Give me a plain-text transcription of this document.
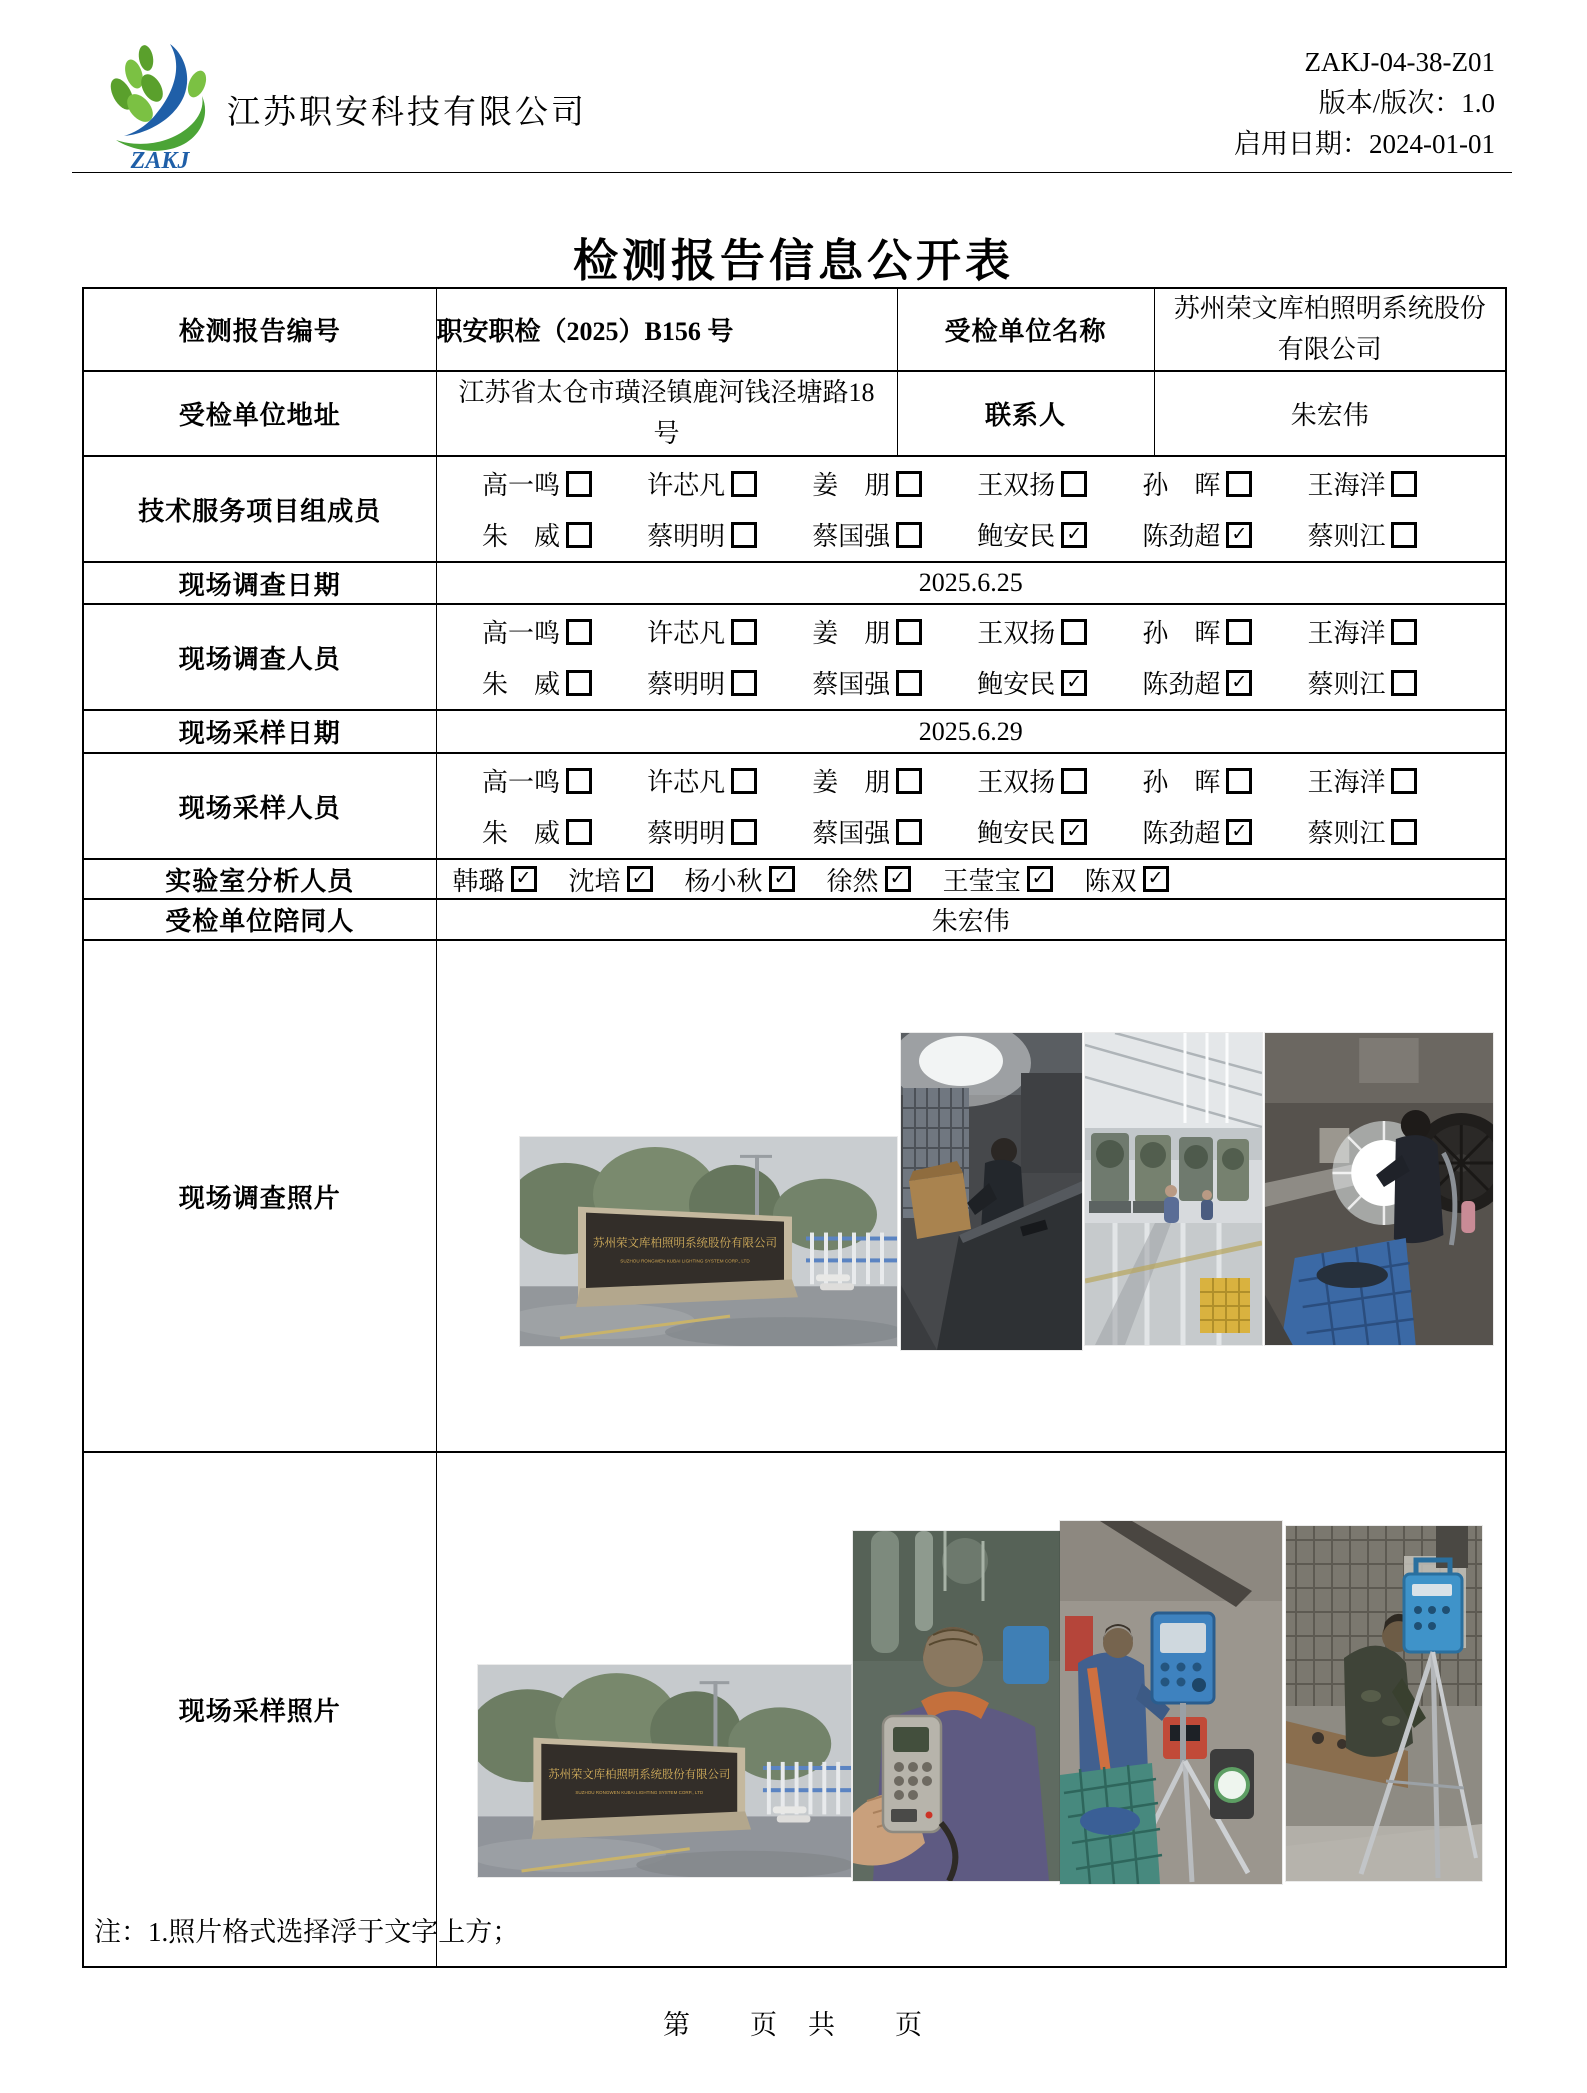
ZAKJ
江苏职安科技有限公司
ZAKJ-04-38-Z01
版本/版次：1.0
启用日期：2024-01-01
检测报告信息公开表
检测报告编号	职安职检（2025）B156 号	受检单位名称	苏州荣文库柏照明系统股份有限公司

受检单位地址	江苏省太仓市璜泾镇鹿河钱泾塘路18 号	联系人	朱宏伟
技术服务项目组成员	
高一鸣	许芯凡	姜　朋	王双扬	孙　晖	王海洋
朱　威	蔡明明	蔡国强	鲍安民 ✓ 陈劲超 ✓ 蔡则江

现场调查日期	2025.6.25		
现场调查人员	
高一鸣	许芯凡	姜　朋	王双扬	孙　晖	王海洋
朱　威	蔡明明	蔡国强	鲍安民 ✓ 陈劲超 ✓ 蔡则江

现场采样日期	2025.6.29		
现场采样人员	
高一鸣	许芯凡	姜　朋	王双扬	孙　晖	王海洋
朱　威	蔡明明	蔡国强	鲍安民 ✓ 陈劲超 ✓ 蔡则江

实验室分析人员	韩璐 ✓ 沈培 ✓ 杨小秋 ✓ 徐然 ✓ 王莹宝 ✓ 陈双 ✓

受检单位陪同人	朱宏伟		
现场调查照片	苏州荣文库柏照明系统股份有限公司
SUZHOU RONGWEN KUBAI LIGHTING SYSTEM CORP., LTD		

现场采样照片	苏州荣文库柏照明系统股份有限公司
SUZHOU RONGWEN KUBAI LIGHTING SYSTEM CORP., LTD		
注：1.照片格式选择浮于文字上方；
第　　页　共　　页
